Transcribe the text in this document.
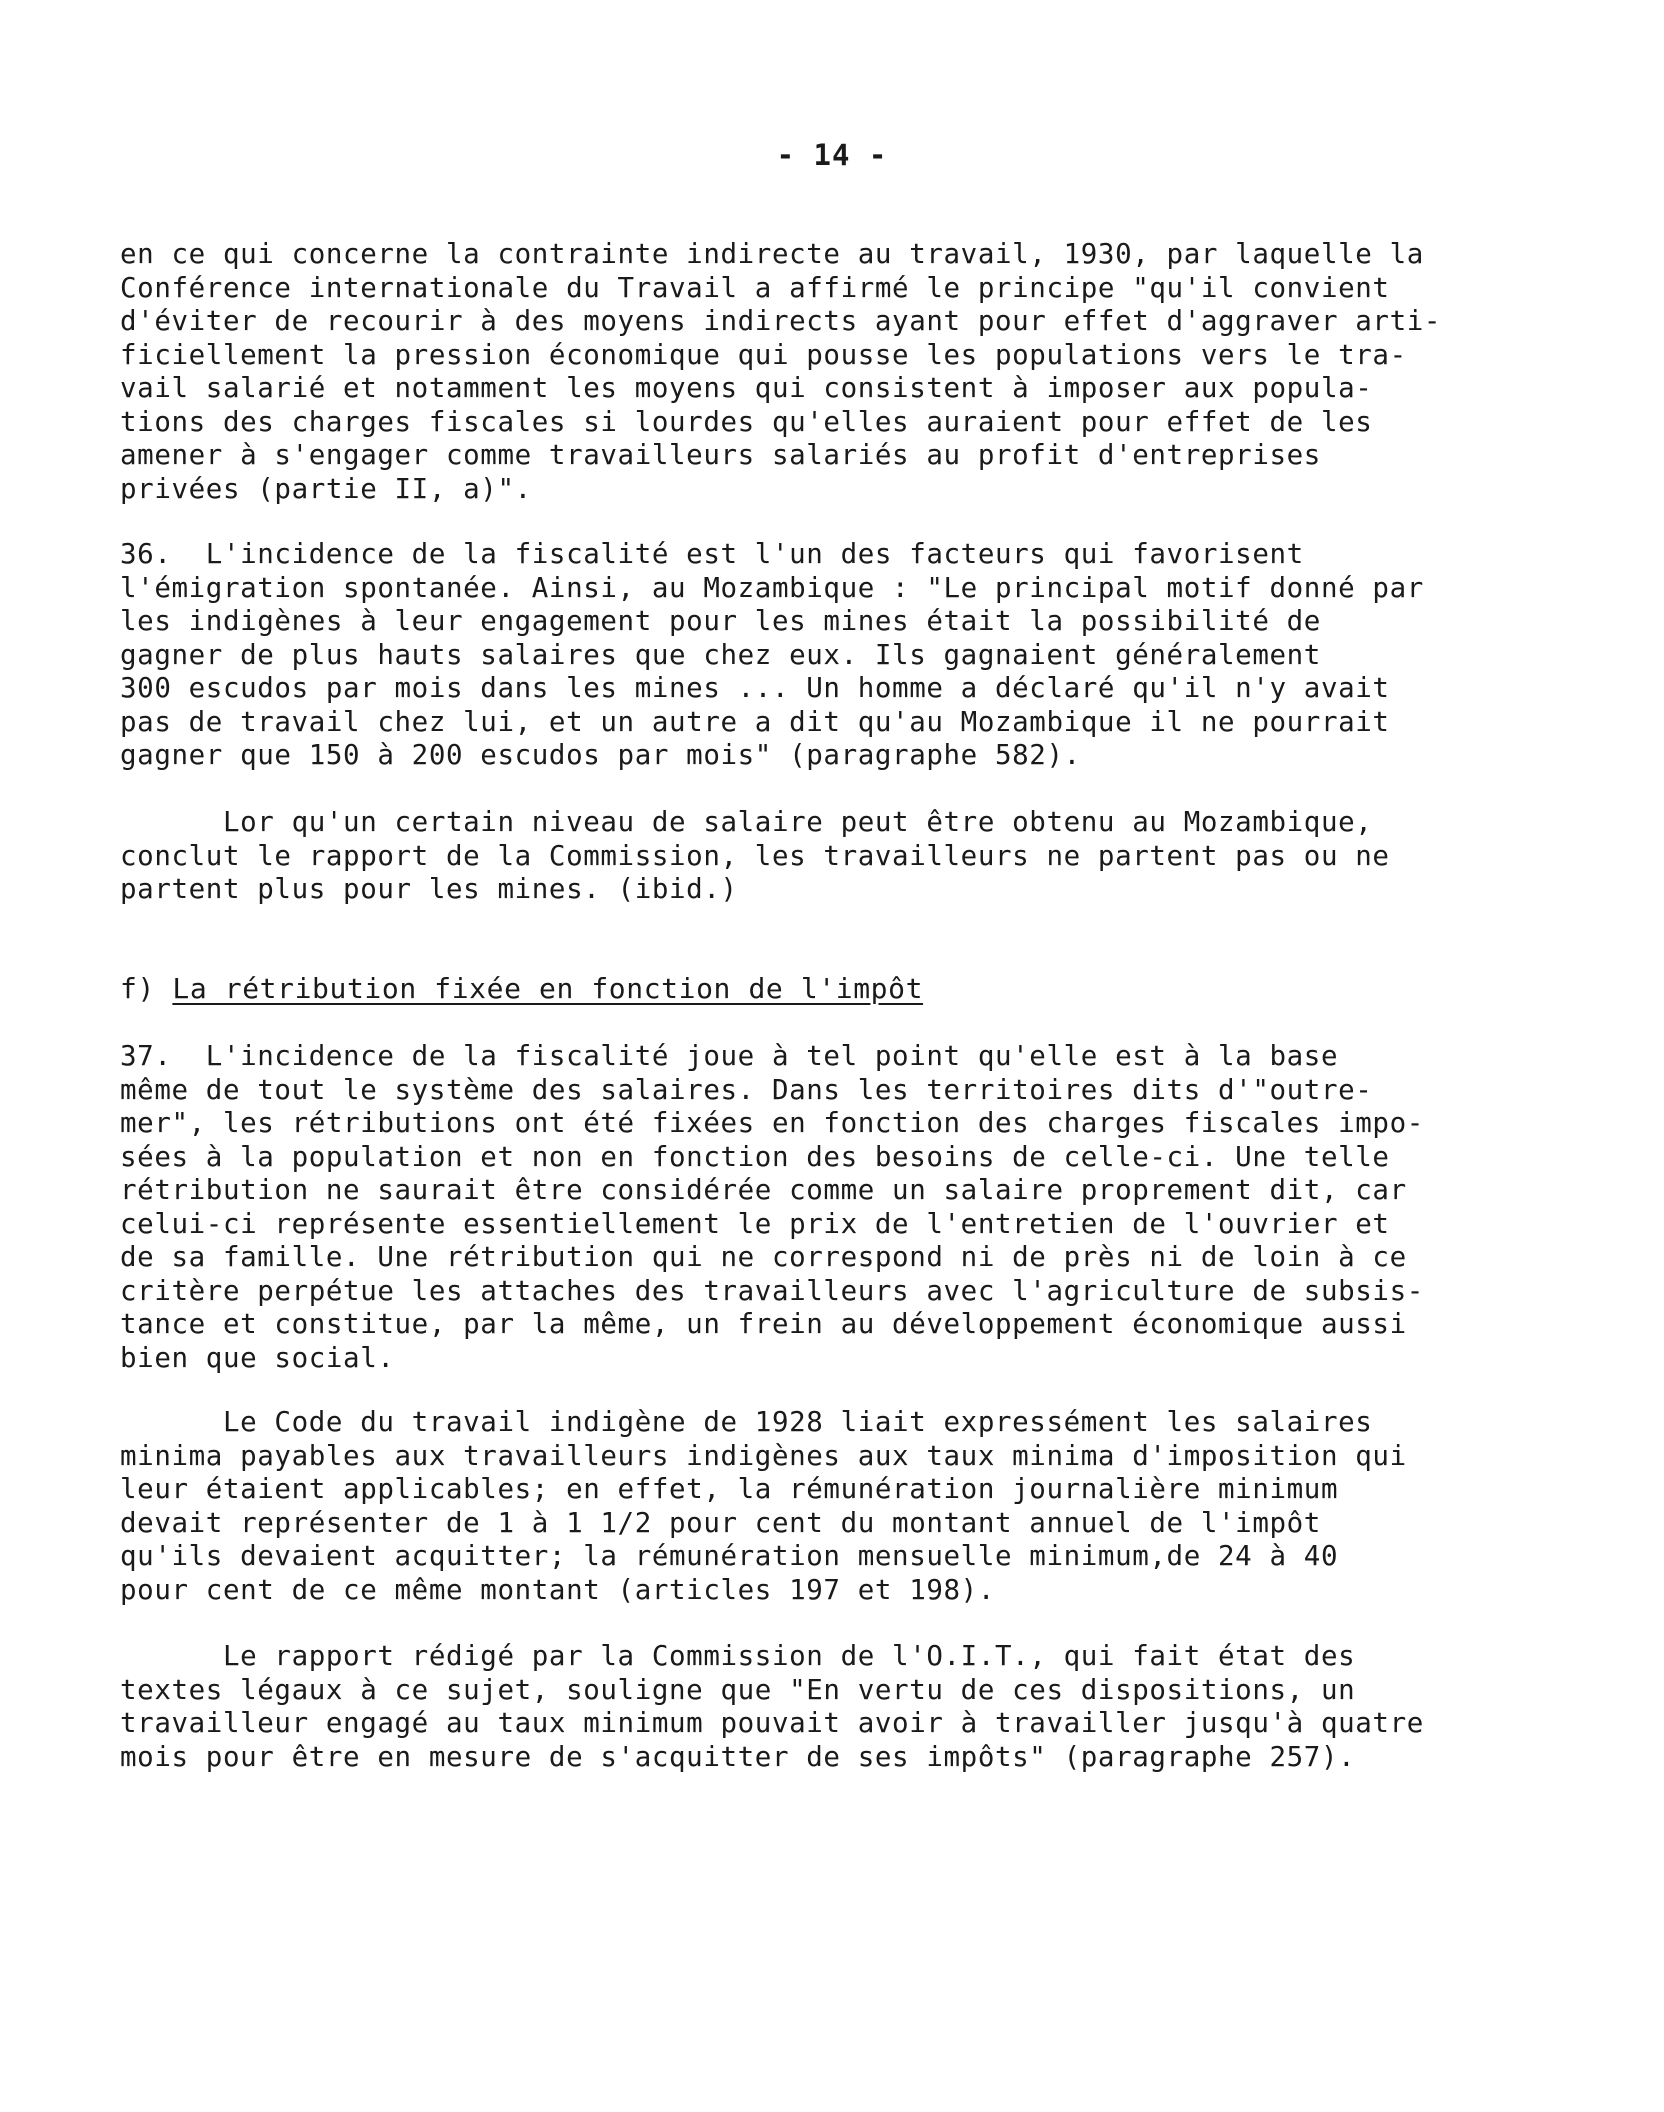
- 14 -
en ce qui concerne la contrainte indirecte au travail, 1930, par laquelle la
Conférence internationale du Travail a affirmé le principe "qu'il convient
d'éviter de recourir à des moyens indirects ayant pour effet d'aggraver arti-
ficiellement la pression économique qui pousse les populations vers le tra-
vail salarié et notamment les moyens qui consistent à imposer aux popula-
tions des charges fiscales si lourdes qu'elles auraient pour effet de les
amener à s'engager comme travailleurs salariés au profit d'entreprises
privées (partie II, a)".
36.  L'incidence de la fiscalité est l'un des facteurs qui favorisent
l'émigration spontanée. Ainsi, au Mozambique : "Le principal motif donné par
les indigènes à leur engagement pour les mines était la possibilité de
gagner de plus hauts salaires que chez eux. Ils gagnaient généralement
300 escudos par mois dans les mines ... Un homme a déclaré qu'il n'y avait
pas de travail chez lui, et un autre a dit qu'au Mozambique il ne pourrait
gagner que 150 à 200 escudos par mois" (paragraphe 582).
Lor qu'un certain niveau de salaire peut être obtenu au Mozambique,
conclut le rapport de la Commission, les travailleurs ne partent pas ou ne
partent plus pour les mines. (ibid.)
f) La rétribution fixée en fonction de l'impôt
37.  L'incidence de la fiscalité joue à tel point qu'elle est à la base
même de tout le système des salaires. Dans les territoires dits d'"outre-
mer", les rétributions ont été fixées en fonction des charges fiscales impo-
sées à la population et non en fonction des besoins de celle-ci. Une telle
rétribution ne saurait être considérée comme un salaire proprement dit, car
celui-ci représente essentiellement le prix de l'entretien de l'ouvrier et
de sa famille. Une rétribution qui ne correspond ni de près ni de loin à ce
critère perpétue les attaches des travailleurs avec l'agriculture de subsis-
tance et constitue, par la même, un frein au développement économique aussi
bien que social.
Le Code du travail indigène de 1928 liait expressément les salaires
minima payables aux travailleurs indigènes aux taux minima d'imposition qui
leur étaient applicables; en effet, la rémunération journalière minimum
devait représenter de 1 à 1 1/2 pour cent du montant annuel de l'impôt
qu'ils devaient acquitter; la rémunération mensuelle minimum,de 24 à 40
pour cent de ce même montant (articles 197 et 198).
Le rapport rédigé par la Commission de l'O.I.T., qui fait état des
textes légaux à ce sujet, souligne que "En vertu de ces dispositions, un
travailleur engagé au taux minimum pouvait avoir à travailler jusqu'à quatre
mois pour être en mesure de s'acquitter de ses impôts" (paragraphe 257).
